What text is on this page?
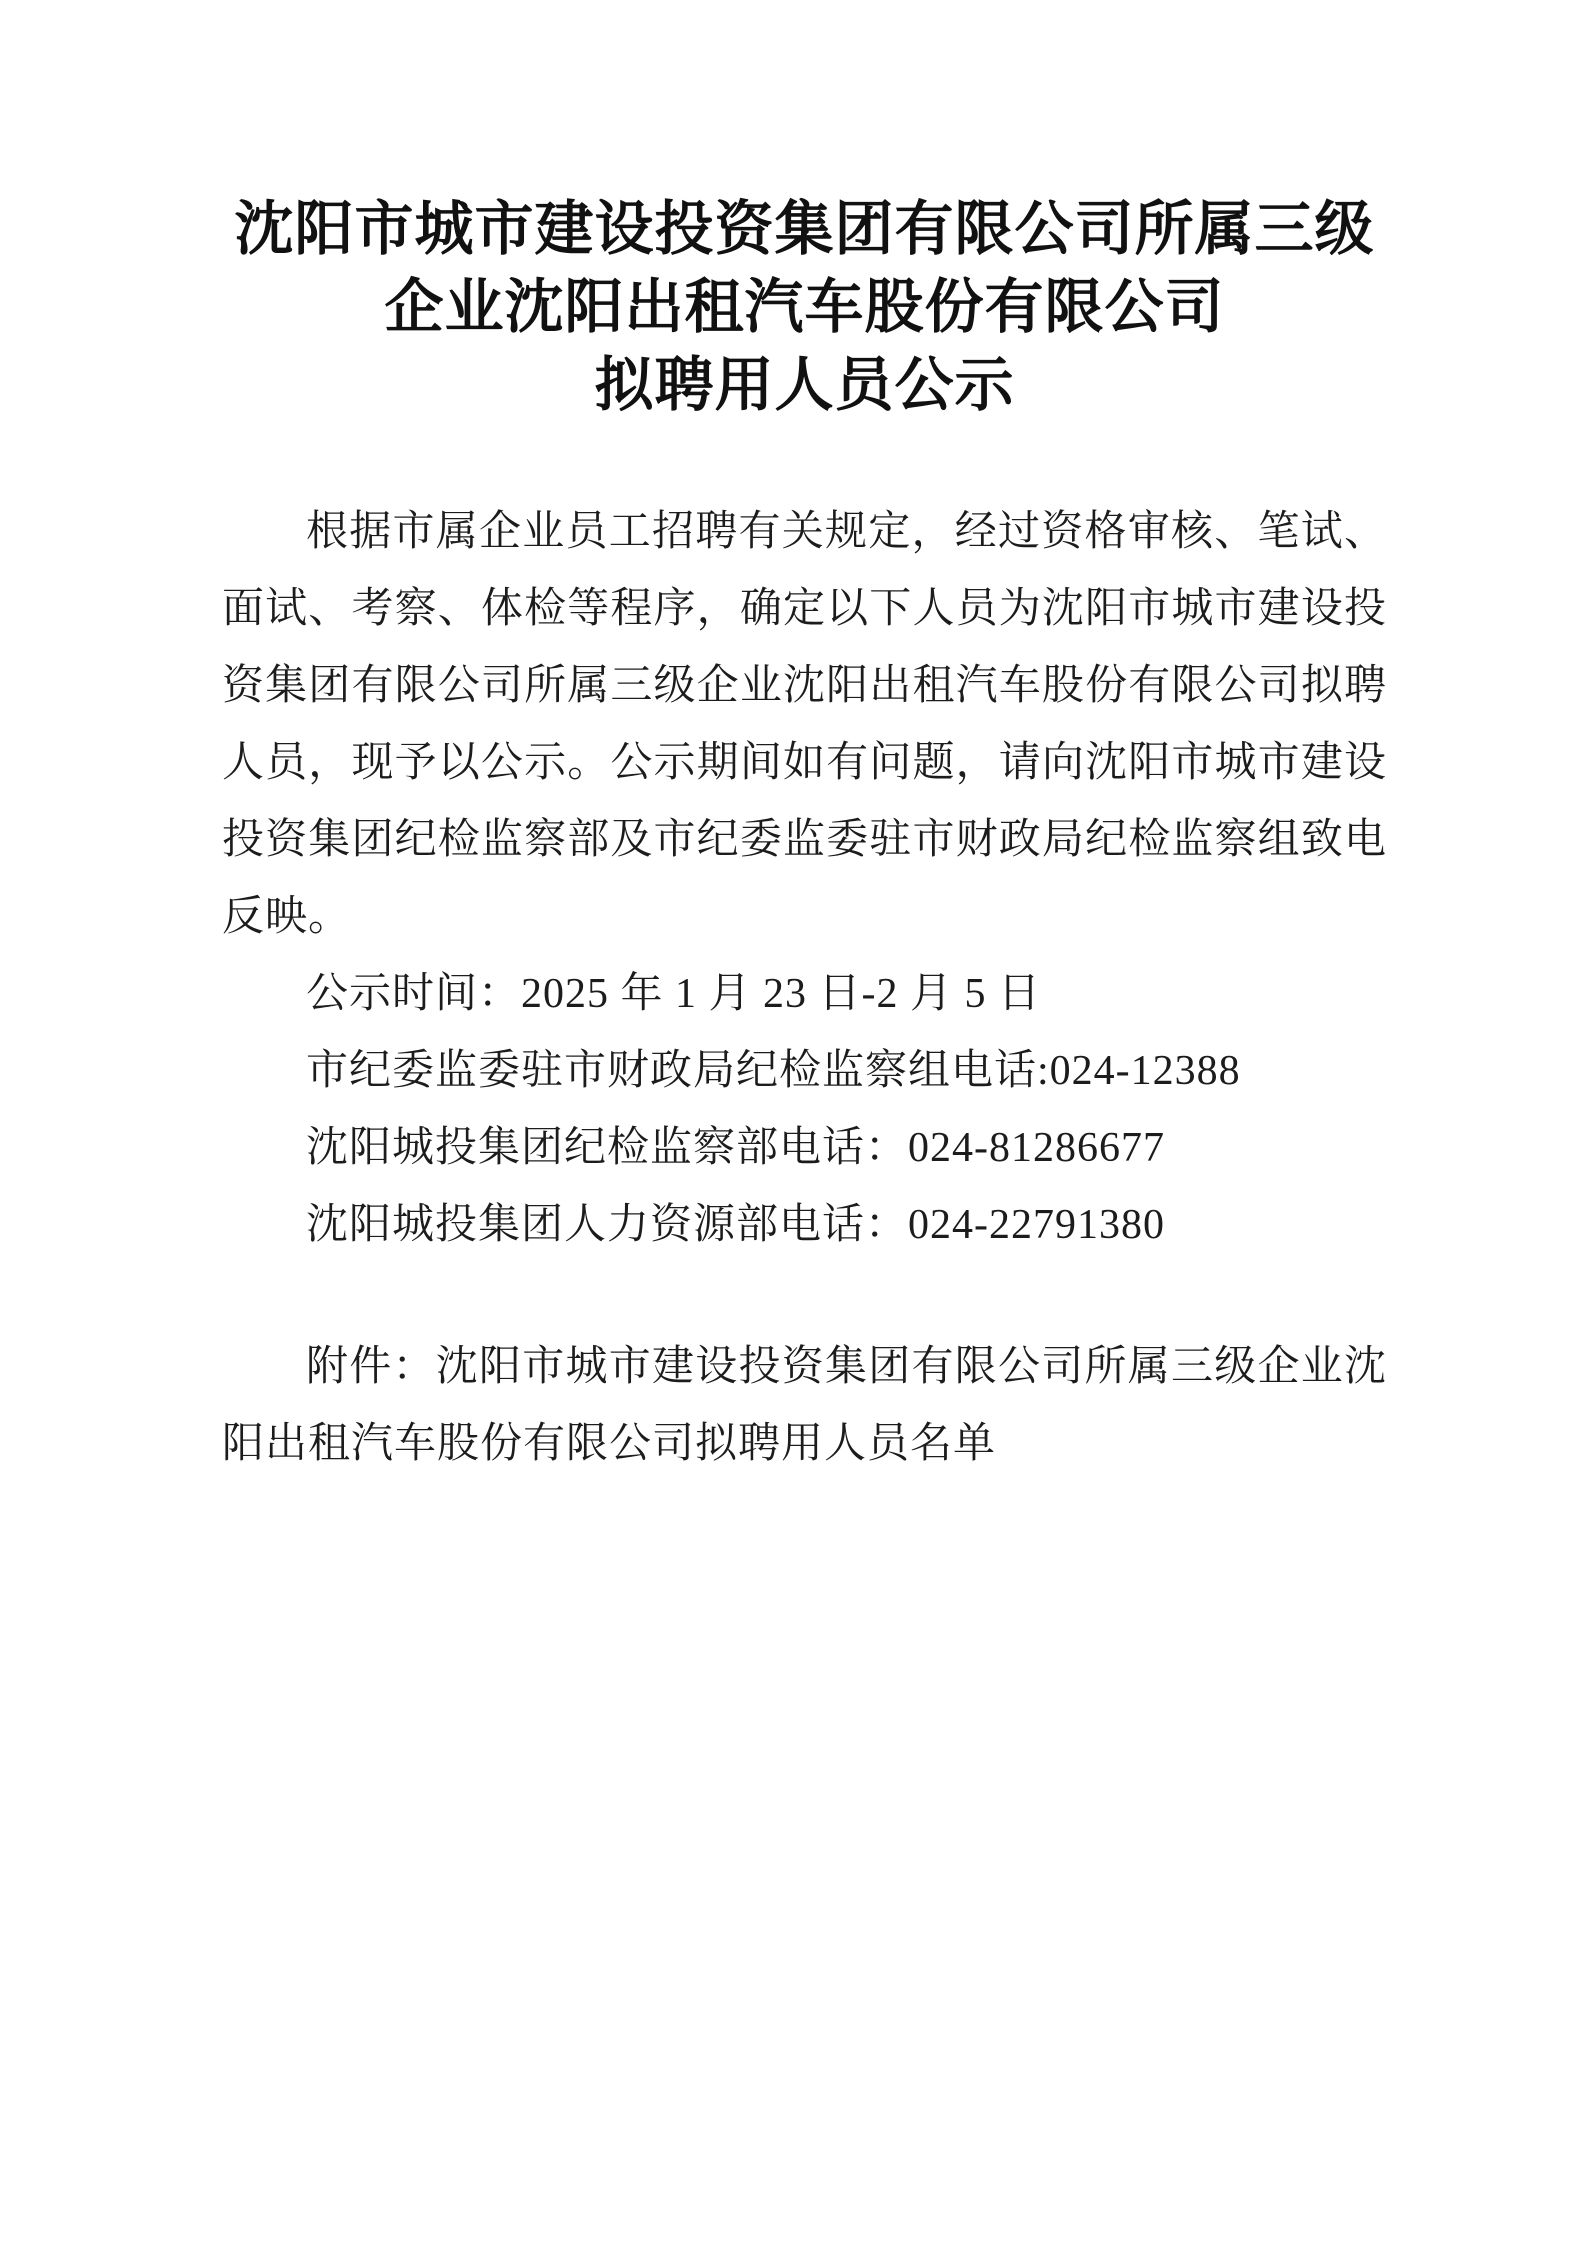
沈阳市城市建设投资集团有限公司所属三级
企业沈阳出租汽车股份有限公司
拟聘用人员公示

根据市属企业员工招聘有关规定，经过资格审核、笔试、面试、考察、体检等程序，确定以下人员为沈阳市城市建设投资集团有限公司所属三级企业沈阳出租汽车股份有限公司拟聘人员，现予以公示。公示期间如有问题，请向沈阳市城市建设投资集团纪检监察部及市纪委监委驻市财政局纪检监察组致电反映。

公示时间：2025 年 1 月 23 日-2 月 5 日

市纪委监委驻市财政局纪检监察组电话:024-12388

沈阳城投集团纪检监察部电话：024-81286677

沈阳城投集团人力资源部电话：024-22791380

附件：沈阳市城市建设投资集团有限公司所属三级企业沈阳出租汽车股份有限公司拟聘用人员名单
